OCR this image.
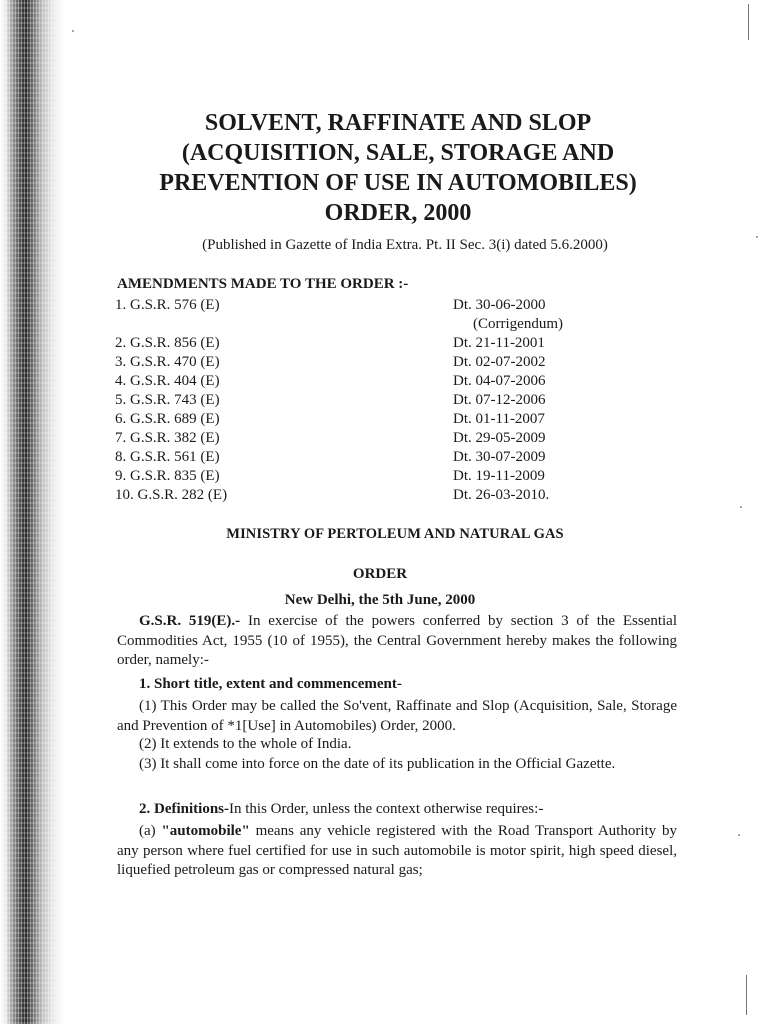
SOLVENT, RAFFINATE AND SLOP
(ACQUISITION, SALE, STORAGE AND
PREVENTION OF USE IN AUTOMOBILES)
ORDER, 2000

(Published in Gazette of India Extra. Pt. II Sec. 3(i) dated 5.6.2000)

AMENDMENTS MADE TO THE ORDER :-

1. G.S.R. 576 (E)	Dt. 30-06-2000
(Corrigendum)
2. G.S.R. 856 (E)	Dt. 21-11-2001
3. G.S.R. 470 (E)	Dt. 02-07-2002
4. G.S.R. 404 (E)	Dt. 04-07-2006
5. G.S.R. 743 (E)	Dt. 07-12-2006
6. G.S.R. 689 (E)	Dt. 01-11-2007
7. G.S.R. 382 (E)	Dt. 29-05-2009
8. G.S.R. 561 (E)	Dt. 30-07-2009
9. G.S.R. 835 (E)	Dt. 19-11-2009
10. G.S.R. 282 (E)	Dt. 26-03-2010.

MINISTRY OF PERTOLEUM AND NATURAL GAS

ORDER

New Delhi, the 5th June, 2000

G.S.R. 519(E).- In exercise of the powers conferred by section 3 of the Essential Commodities Act, 1955 (10 of 1955), the Central Government hereby makes the following order, namely:-

1. Short title, extent and commencement-

(1) This Order may be called the So'vent, Raffinate and Slop (Acquisition, Sale, Storage and Prevention of *1[Use] in Automobiles) Order, 2000.

(2) It extends to the whole of India.

(3) It shall come into force on the date of its publication in the Official Gazette.

2. Definitions-In this Order, unless the context otherwise requires:-

(a) "automobile" means any vehicle registered with the Road Transport Authority by any person where fuel certified for use in such automobile is motor spirit, high speed diesel, liquefied petroleum gas or compressed natural gas;
